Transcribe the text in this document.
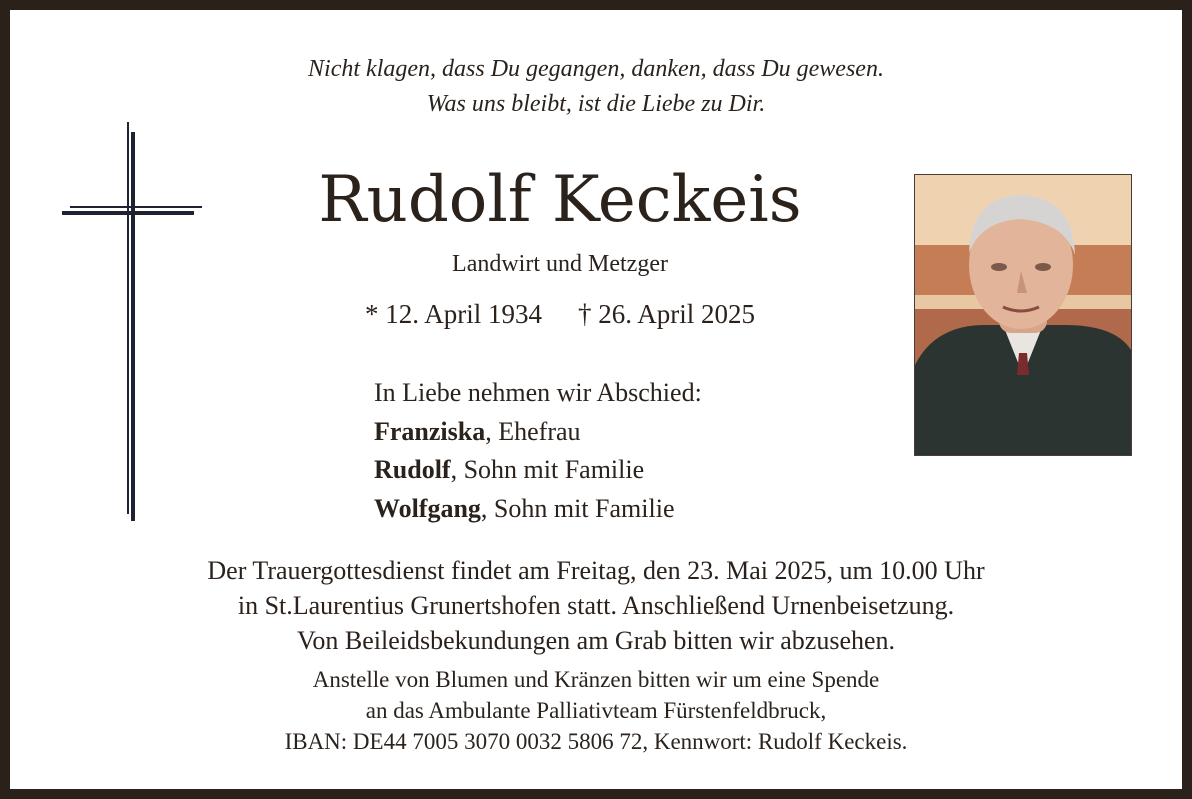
Nicht klagen, dass Du gegangen, danken, dass Du gewesen.
Was uns bleibt, ist die Liebe zu Dir.
Rudolf Keckeis
Landwirt und Metzger
* 12. April 1934 † 26. April 2025
In Liebe nehmen wir Abschied:
Franziska, Ehefrau
Rudolf, Sohn mit Familie
Wolfgang, Sohn mit Familie
Der Trauergottesdienst findet am Freitag, den 23. Mai 2025, um 10.00 Uhr
in St.Laurentius Grunertshofen statt. Anschließend Urnenbeisetzung.
Von Beileidsbekundungen am Grab bitten wir abzusehen.
Anstelle von Blumen und Kränzen bitten wir um eine Spende
an das Ambulante Palliativteam Fürstenfeldbruck,
IBAN: DE44 7005 3070 0032 5806 72, Kennwort: Rudolf Keckeis.
